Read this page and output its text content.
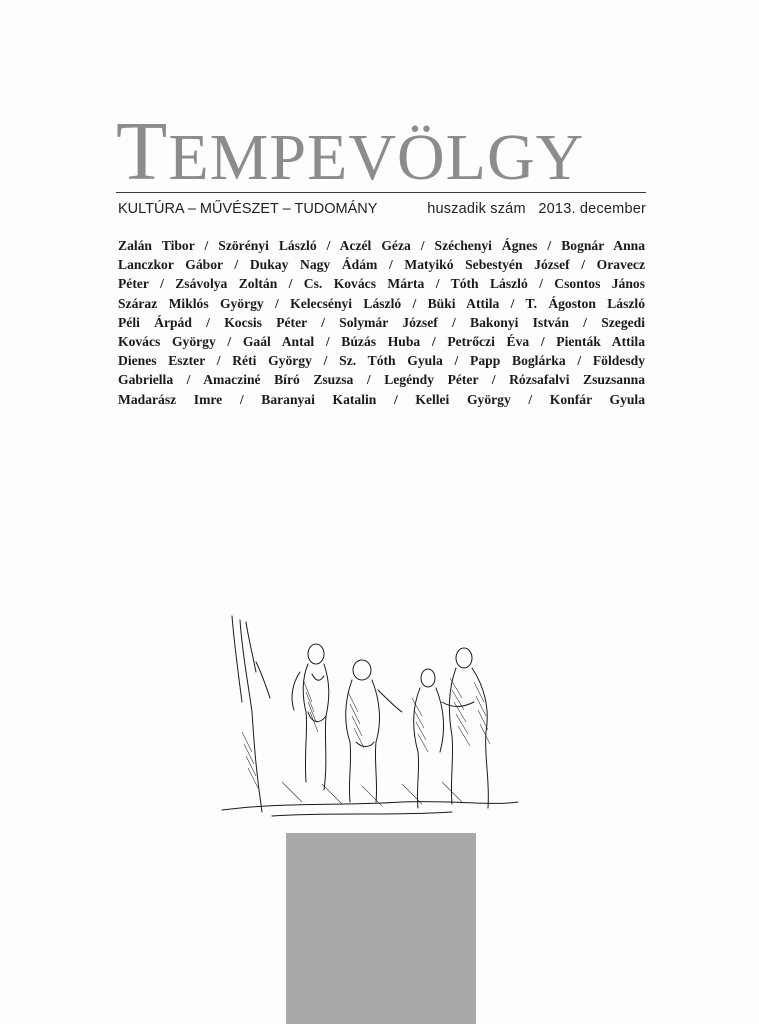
TEMPEVÖLGY
KULTÚRA – MŰVÉSZET – TUDOMÁNY	huszadik szám   2013. december
Zalán Tibor / Szörényi László / Aczél Géza / Széchenyi Ágnes / Bognár Anna
Lanczkor Gábor / Dukay Nagy Ádám / Matyikó Sebestyén József / Oravecz
Péter / Zsávolya Zoltán / Cs. Kovács Márta / Tóth László / Csontos János
Száraz Miklós György / Kelecsényi László / Büki Attila / T. Ágoston László
Péli Árpád / Kocsis Péter / Solymár József / Bakonyi István / Szegedi
Kovács György / Gaál Antal / Búzás Huba / Petrőczi Éva / Pienták Attila
Dienes Eszter / Réti György / Sz. Tóth Gyula / Papp Boglárka / Földesdy
Gabriella / Amacziné Bíró Zsuzsa / Legéndy Péter / Rózsafalvi Zsuzsanna
Madarász Imre / Baranyai Katalin / Kellei György / Konfár Gyula
